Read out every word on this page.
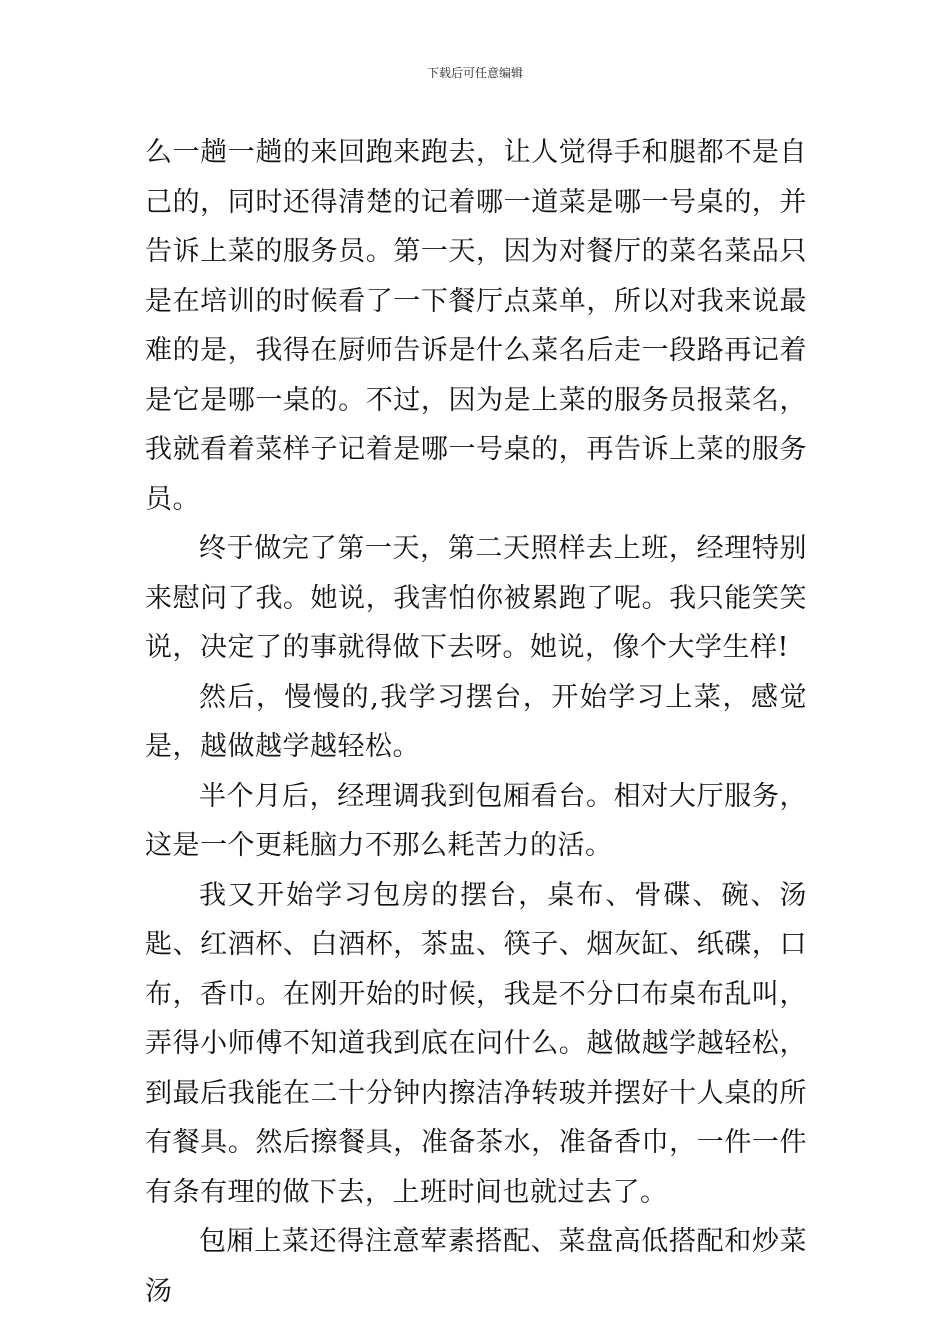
下载后可任意编辑

么一趟一趟的来回跑来跑去，让人觉得手和腿都不是自己的，同时还得清楚的记着哪一道菜是哪一号桌的，并告诉上菜的服务员。第一天，因为对餐厅的菜名菜品只是在培训的时候看了一下餐厅点菜单，所以对我来说最难的是，我得在厨师告诉是什么菜名后走一段路再记着是它是哪一桌的。不过，因为是上菜的服务员报菜名，我就看着菜样子记着是哪一号桌的，再告诉上菜的服务员。

终于做完了第一天，第二天照样去上班，经理特别来慰问了我。她说，我害怕你被累跑了呢。我只能笑笑说，决定了的事就得做下去呀。她说，像个大学生样!

然后，慢慢的,我学习摆台，开始学习上菜，感觉是，越做越学越轻松。

半个月后，经理调我到包厢看台。相对大厅服务，这是一个更耗脑力不那么耗苦力的活。

我又开始学习包房的摆台，桌布、骨碟、碗、汤匙、红酒杯、白酒杯，茶盅、筷子、烟灰缸、纸碟，口布，香巾。在刚开始的时候，我是不分口布桌布乱叫，弄得小师傅不知道我到底在问什么。越做越学越轻松，到最后我能在二十分钟内擦洁净转玻并摆好十人桌的所有餐具。然后擦餐具，准备茶水，准备香巾，一件一件有条有理的做下去，上班时间也就过去了。

包厢上菜还得注意荤素搭配、菜盘高低搭配和炒菜汤
